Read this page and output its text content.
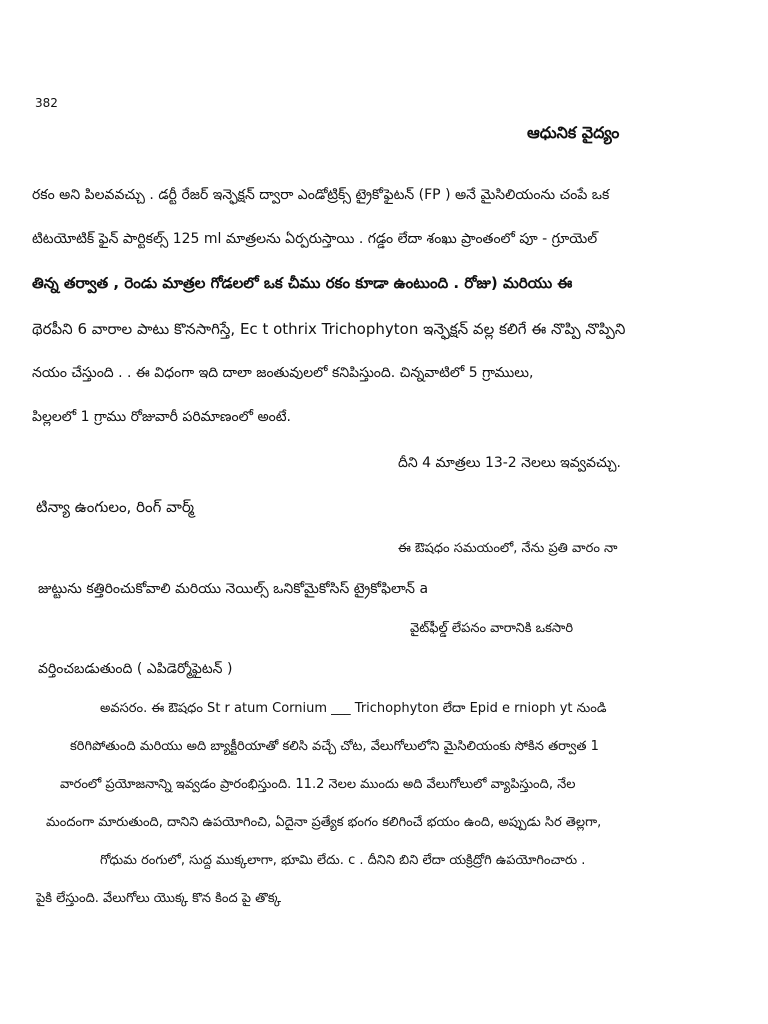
382
ఆధునిక వైద్యం
రకం అని పిలవవచ్చు . డర్టీ రేజర్ ఇన్ఫెక్షన్ ద్వారా ఎండోట్రిక్స్ ట్రైకోఫైటన్ (FP ) అనే మైసిలియంను చంపే ఒక
టిటయోటిక్ ఫైన్ పార్టికల్స్ 125 ml మాత్రలను ఏర్పరుస్తాయి . గడ్డం లేదా శంఖు ప్రాంతంలో పూ - గ్రూయెల్
తిన్న తర్వాత , రెండు మాత్రల గోడలలో ఒక చీము రకం కూడా ఉంటుంది . రోజు) మరియు ఈ
థెరపీని 6 వారాల పాటు కొనసాగిస్తే, Ec t othrix Trichophyton ఇన్ఫెక్షన్ వల్ల కలిగే ఈ నొప్పి నొప్పిని
నయం చేస్తుంది . . ఈ విధంగా ఇది దాలా జంతువులలో కనిపిస్తుంది. చిన్నవాటిలో 5 గ్రాములు,
పిల్లలలో 1 గ్రాము రోజువారీ పరిమాణంలో అంటే.
దీని 4 మాత్రలు 13-2 నెలలు ఇవ్వవచ్చు.
టిన్యా ఉంగులం, రింగ్ వార్మ్
ఈ ఔషధం సమయంలో, నేను ప్రతి వారం నా
జుట్టును కత్తిరించుకోవాలి మరియు నెయిల్స్ ఒనికోమైకోసిస్ ట్రైకోఫిలాన్ a
వైట్‌ఫీల్డ్ లేపనం వారానికి ఒకసారి
వర్తించబడుతుంది ( ఎపిడెర్మోఫైటన్ )
అవసరం. ఈ ఔషధం St r atum Cornium ___ Trichophyton లేదా Epid e rnioph yt నుండి
కరిగిపోతుంది మరియు అది బ్యాక్టీరియాతో కలిసి వచ్చే చోట, వేలుగోలులోని మైసిలియంకు సోకిన తర్వాత 1
వారంలో ప్రయోజనాన్ని ఇవ్వడం ప్రారంభిస్తుంది. 11.2 నెలల ముందు అది వేలుగోలులో వ్యాపిస్తుంది, నేల
మందంగా మారుతుంది, దానిని ఉపయోగించి, ఏదైనా ప్రత్యేక భంగం కలిగించే భయం ఉంది, అప్పుడు సిర తెల్లగా,
గోధుమ రంగులో, సుద్ద ముక్కలాగా, భూమి లేదు. c . దీనిని బిని లేదా యక్రిద్రోగి ఉపయోగించారు .
పైకి లేస్తుంది. వేలుగోలు యొక్క కొన కింద పై తొక్క
